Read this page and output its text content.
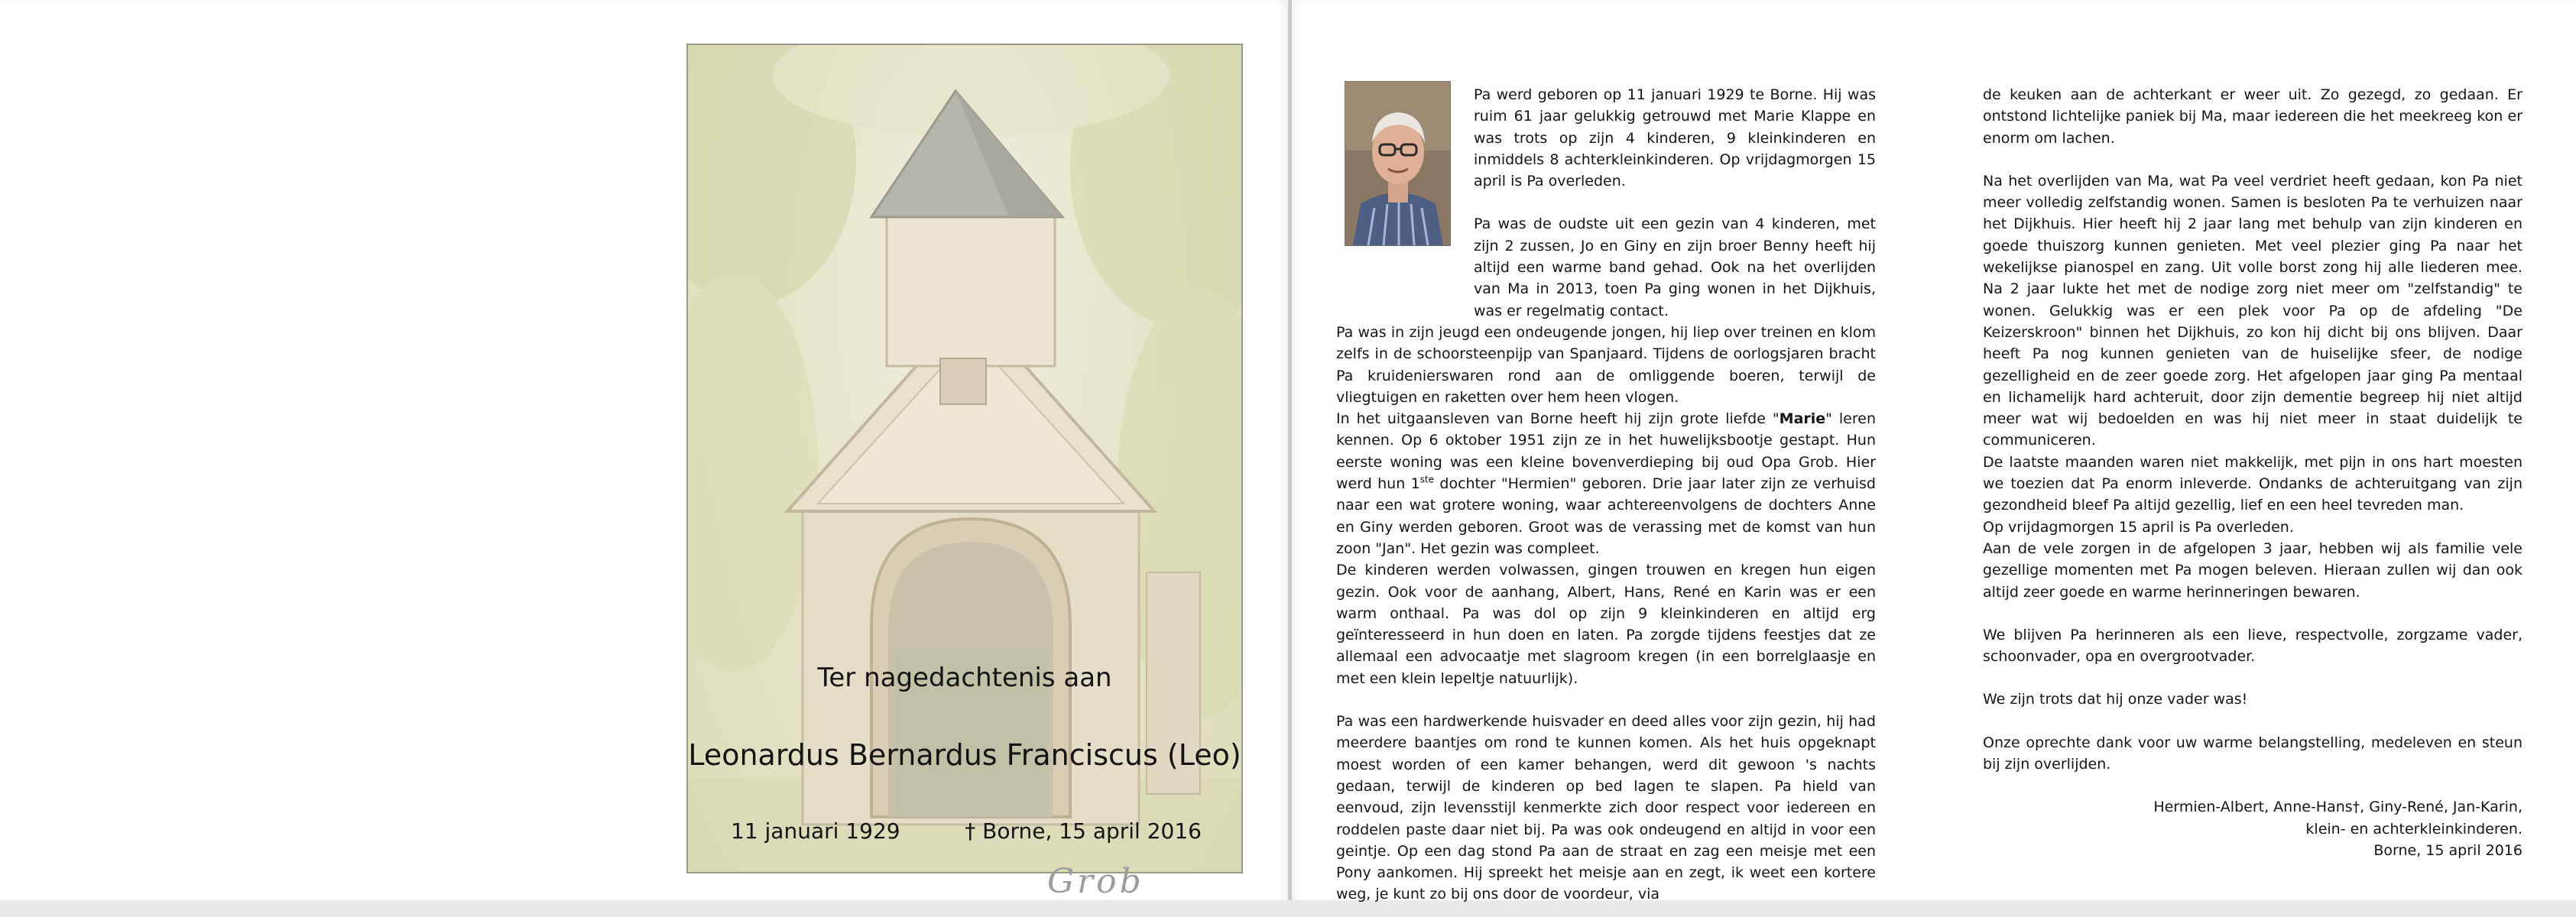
Ter nagedachtenis aan
Leonardus Bernardus Franciscus (Leo)
11 januari 1929	† Borne, 15 april 2016
Grob

Pa werd geboren op 11 januari 1929 te Borne. Hij was ruim 61 jaar gelukkig getrouwd met Marie Klappe en was trots op zijn 4 kinderen, 9 kleinkinderen en inmiddels 8 achterkleinkinderen. Op vrijdagmorgen 15 april is Pa overleden.

Pa was de oudste uit een gezin van 4 kinderen, met zijn 2 zussen, Jo en Giny en zijn broer Benny heeft hij altijd een warme band gehad. Ook na het overlijden van Ma in 2013, toen Pa ging wonen in het Dijkhuis, was er regelmatig contact.

Pa was in zijn jeugd een ondeugende jongen, hij liep over treinen en klom zelfs in de schoorsteenpijp van Spanjaard. Tijdens de oorlogsjaren bracht Pa kruidenierswaren rond aan de omliggende boeren, terwijl de vliegtuigen en raketten over hem heen vlogen.

In het uitgaansleven van Borne heeft hij zijn grote liefde "Marie" leren kennen. Op 6 oktober 1951 zijn ze in het huwelijksbootje gestapt. Hun eerste woning was een kleine bovenverdieping bij oud Opa Grob. Hier werd hun 1ste dochter "Hermien" geboren. Drie jaar later zijn ze verhuisd naar een wat grotere woning, waar achtereenvolgens de dochters Anne en Giny werden geboren. Groot was de verassing met de komst van hun zoon "Jan". Het gezin was compleet.

De kinderen werden volwassen, gingen trouwen en kregen hun eigen gezin. Ook voor de aanhang, Albert, Hans, René en Karin was er een warm onthaal. Pa was dol op zijn 9 kleinkinderen en altijd erg geïnteresseerd in hun doen en laten. Pa zorgde tijdens feestjes dat ze allemaal een advocaatje met slagroom kregen (in een borrelglaasje en met een klein lepeltje natuurlijk).

Pa was een hardwerkende huisvader en deed alles voor zijn gezin, hij had meerdere baantjes om rond te kunnen komen. Als het huis opgeknapt moest worden of een kamer behangen, werd dit gewoon 's nachts gedaan, terwijl de kinderen op bed lagen te slapen. Pa hield van eenvoud, zijn levensstijl kenmerkte zich door respect voor iedereen en roddelen paste daar niet bij. Pa was ook ondeugend en altijd in voor een geintje. Op een dag stond Pa aan de straat en zag een meisje met een Pony aankomen. Hij spreekt het meisje aan en zegt, ik weet een kortere weg, je kunt zo bij ons door de voordeur, via

de keuken aan de achterkant er weer uit. Zo gezegd, zo gedaan. Er ontstond lichtelijke paniek bij Ma, maar iedereen die het meekreeg kon er enorm om lachen.

Na het overlijden van Ma, wat Pa veel verdriet heeft gedaan, kon Pa niet meer volledig zelfstandig wonen. Samen is besloten Pa te verhuizen naar het Dijkhuis. Hier heeft hij 2 jaar lang met behulp van zijn kinderen en goede thuiszorg kunnen genieten. Met veel plezier ging Pa naar het wekelijkse pianospel en zang. Uit volle borst zong hij alle liederen mee. Na 2 jaar lukte het met de nodige zorg niet meer om "zelfstandig" te wonen. Gelukkig was er een plek voor Pa op de afdeling "De Keizerskroon" binnen het Dijkhuis, zo kon hij dicht bij ons blijven. Daar heeft Pa nog kunnen genieten van de huiselijke sfeer, de nodige gezelligheid en de zeer goede zorg. Het afgelopen jaar ging Pa mentaal en lichamelijk hard achteruit, door zijn dementie begreep hij niet altijd meer wat wij bedoelden en was hij niet meer in staat duidelijk te communiceren.

De laatste maanden waren niet makkelijk, met pijn in ons hart moesten we toezien dat Pa enorm inleverde. Ondanks de achteruitgang van zijn gezondheid bleef Pa altijd gezellig, lief en een heel tevreden man.

Op vrijdagmorgen 15 april is Pa overleden.

Aan de vele zorgen in de afgelopen 3 jaar, hebben wij als familie vele gezellige momenten met Pa mogen beleven. Hieraan zullen wij dan ook altijd zeer goede en warme herinneringen bewaren.

We blijven Pa herinneren als een lieve, respectvolle, zorgzame vader, schoonvader, opa en overgrootvader.

We zijn trots dat hij onze vader was!

Onze oprechte dank voor uw warme belangstelling, medeleven en steun bij zijn overlijden.

Hermien-Albert, Anne-Hans†, Giny-René, Jan-Karin,

klein- en achterkleinkinderen.

Borne, 15 april 2016
